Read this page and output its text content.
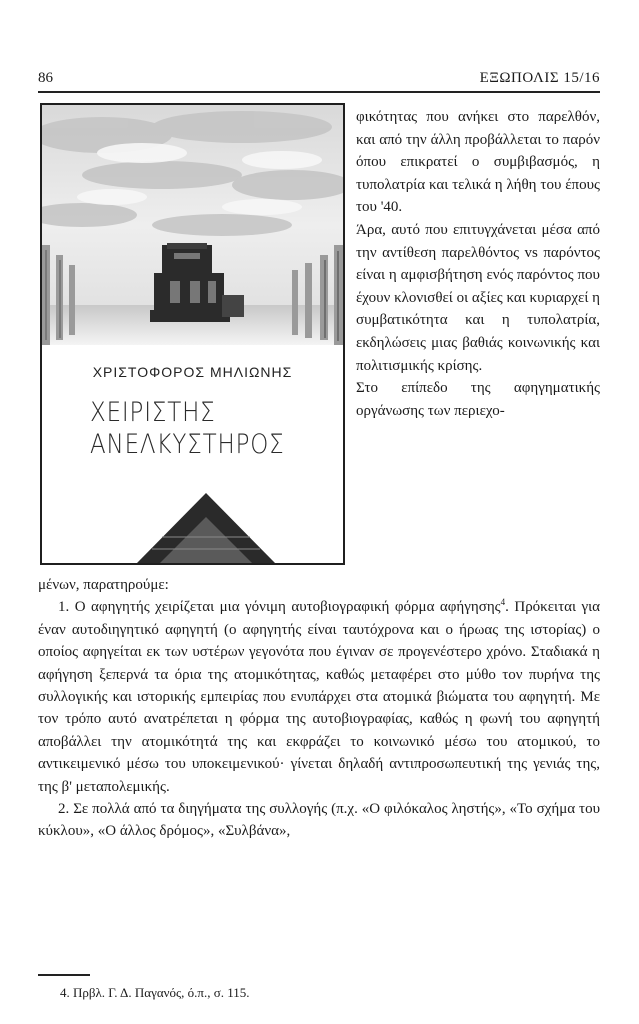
86	ΕΞΩΠΟΛΙΣ 15/16
ΧΡΙΣΤΟΦΟΡΟΣ ΜΗΛΙΩΝΗΣ
ΧΕΙΡΙΣΤΗΣ
ΑΝΕΛΚΥΣΤΗΡΟΣ

φικότητας που ανήκει στο παρελθόν, και από την άλλη προβάλλεται το παρόν όπου επικρατεί ο συμβιβασμός, η τυπολατρία και τελικά η λήθη του έπους του '40.

Άρα, αυτό που επιτυγχάνεται μέσα από την αντίθεση παρελθόντος vs παρόντος είναι η αμφισβήτηση ενός παρόντος που έχουν κλονισθεί οι αξίες και κυριαρχεί η συμβατικότητα και η τυπολατρία, εκδηλώσεις μιας βαθιάς κοινωνικής και πολιτισμικής κρίσης.

Στο επίπεδο της αφηγηματικής οργάνωσης των περιεχο-

μένων, παρατηρούμε:

1. Ο αφηγητής χειρίζεται μια γόνιμη αυτοβιογραφική φόρμα αφήγησης$^4$. Πρόκειται για έναν αυτοδιηγητικό αφηγητή (ο αφηγητής είναι ταυτόχρονα και ο ήρωας της ιστορίας) ο οποίος αφηγείται εκ των υστέρων γεγονότα που έγιναν σε προγενέστερο χρόνο. Σταδιακά η αφήγηση ξεπερνά τα όρια της ατομικότητας, καθώς μεταφέρει στο μύθο τον πυρήνα της συλλογικής και ιστορικής εμπειρίας που ενυπάρχει στα ατομικά βιώματα του αφηγητή. Με τον τρόπο αυτό ανατρέπεται η φόρμα της αυτοβιογραφίας, καθώς η φωνή του αφηγητή αποβάλλει την ατομικότητά της και εκφράζει το κοινωνικό μέσω του ατομικού, το αντικειμενικό μέσω του υποκειμενικού· γίνεται δηλαδή αντιπροσωπευτική της γενιάς της, της β' μεταπολεμικής.

2. Σε πολλά από τα διηγήματα της συλλογής (π.χ. «Ο φιλόκαλος ληστής», «Το σχήμα του κύκλου», «Ο άλλος δρόμος», «Συλβάνα»,

4. Πρβλ. Γ. Δ. Παγανός, ό.π., σ. 115.
